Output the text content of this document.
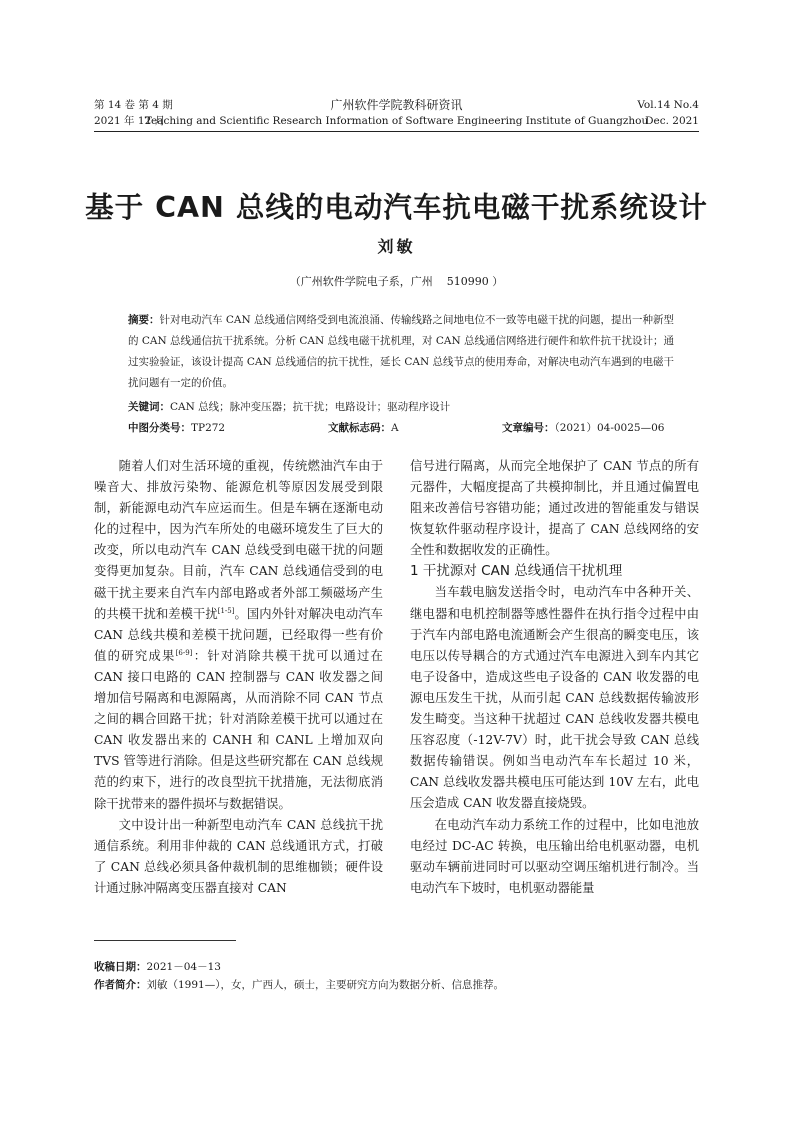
第 14 卷 第 4 期
2021 年 12 月
广州软件学院教科研资讯
Teaching and Scientific Research Information of Software Engineering Institute of Guangzhou
Vol.14 No.4
Dec. 2021
基于 CAN 总线的电动汽车抗电磁干扰系统设计
刘敏
（广州软件学院电子系，广州    510990 ）

摘要：针对电动汽车 CAN 总线通信网络受到电流浪涌、传输线路之间地电位不一致等电磁干扰的问题，提出一种新型的 CAN 总线通信抗干扰系统。分析 CAN 总线电磁干扰机理，对 CAN 总线通信网络进行硬件和软件抗干扰设计；通过实验验证，该设计提高 CAN 总线通信的抗干扰性，延长 CAN 总线节点的使用寿命，对解决电动汽车遇到的电磁干扰问题有一定的价值。

关键词：CAN 总线；脉冲变压器；抗干扰；电路设计；驱动程序设计
中图分类号：TP272	文献标志码：A	文章编号：（2021）04-0025—06

随着人们对生活环境的重视，传统燃油汽车由于噪音大、排放污染物、能源危机等原因发展受到限制，新能源电动汽车应运而生。但是车辆在逐渐电动化的过程中，因为汽车所处的电磁环境发生了巨大的改变，所以电动汽车 CAN 总线受到电磁干扰的问题变得更加复杂。目前，汽车 CAN 总线通信受到的电磁干扰主要来自汽车内部电路或者外部工频磁场产生的共模干扰和差模干扰[1-5]。国内外针对解决电动汽车 CAN 总线共模和差模干扰问题，已经取得一些有价值的研究成果[6-9]：针对消除共模干扰可以通过在 CAN 接口电路的 CAN 控制器与 CAN 收发器之间增加信号隔离和电源隔离，从而消除不同 CAN 节点之间的耦合回路干扰；针对消除差模干扰可以通过在 CAN 收发器出来的 CANH 和 CANL 上增加双向 TVS 管等进行消除。但是这些研究都在 CAN 总线规范的约束下，进行的改良型抗干扰措施，无法彻底消除干扰带来的器件损坏与数据错误。

文中设计出一种新型电动汽车 CAN 总线抗干扰通信系统。利用非仲裁的 CAN 总线通讯方式，打破了 CAN 总线必须具备仲裁机制的思维枷锁；硬件设计通过脉冲隔离变压器直接对 CAN

信号进行隔离，从而完全地保护了 CAN 节点的所有元器件，大幅度提高了共模抑制比，并且通过偏置电阻来改善信号容错功能；通过改进的智能重发与错误恢复软件驱动程序设计，提高了 CAN 总线网络的安全性和数据收发的正确性。

1 干扰源对 CAN 总线通信干扰机理

当车载电脑发送指令时，电动汽车中各种开关、继电器和电机控制器等感性器件在执行指令过程中由于汽车内部电路电流通断会产生很高的瞬变电压，该电压以传导耦合的方式通过汽车电源进入到车内其它电子设备中，造成这些电子设备的 CAN 收发器的电源电压发生干扰，从而引起 CAN 总线数据传输波形发生畸变。当这种干扰超过 CAN 总线收发器共模电压容忍度（-12V-7V）时，此干扰会导致 CAN 总线数据传输错误。例如当电动汽车车长超过 10 米，CAN 总线收发器共模电压可能达到 10V 左右，此电压会造成 CAN 收发器直接烧毁。

在电动汽车动力系统工作的过程中，比如电池放电经过 DC-AC 转换，电压输出给电机驱动器，电机驱动车辆前进同时可以驱动空调压缩机进行制冷。当电动汽车下坡时，电机驱动器能量

收稿日期：2021－04－13
作者简介：刘敏（1991—），女，广西人，硕士，主要研究方向为数据分析、信息推荐。
